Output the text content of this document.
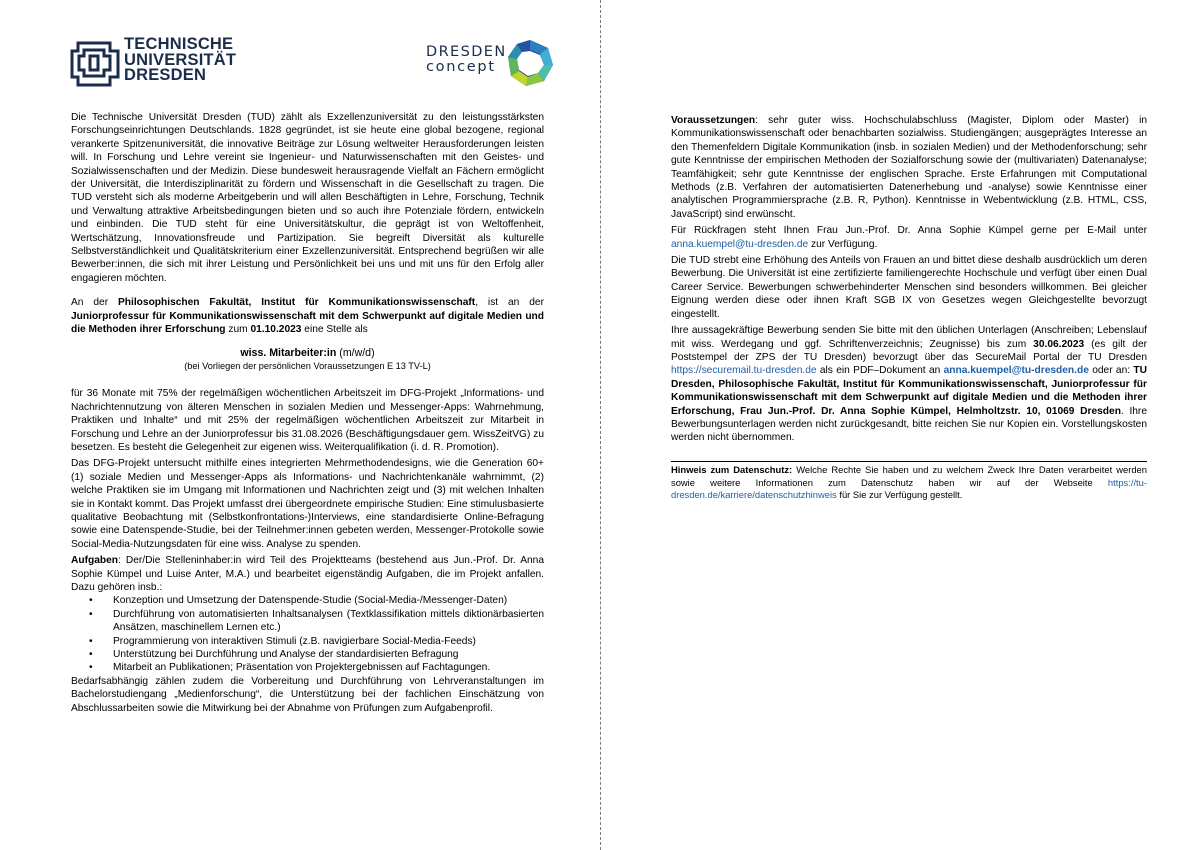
TECHNISCHE
UNIVERSITÄT
DRESDEN
DRESDEN
concept

Die Technische Universität Dresden (TUD) zählt als Exzellenzuniversität zu den leistungsstärksten Forschungseinrichtungen Deutschlands. 1828 gegründet, ist sie heute eine global bezogene, regional verankerte Spitzenuniversität, die innovative Beiträge zur Lösung weltweiter Herausforderungen leisten will. In Forschung und Lehre vereint sie Ingenieur- und Naturwissenschaften mit den Geistes- und Sozialwissenschaften und der Medizin. Diese bundesweit herausragende Vielfalt an Fächern ermöglicht der Universität, die Interdisziplinarität zu fördern und Wissenschaft in die Gesellschaft zu tragen. Die TUD versteht sich als moderne Arbeitgeberin und will allen Beschäftigten in Lehre, Forschung, Technik und Verwaltung attraktive Arbeitsbedingungen bieten und so auch ihre Potenziale fördern, entwickeln und einbinden. Die TUD steht für eine Universitätskultur, die geprägt ist von Weltoffenheit, Wertschätzung, Innovationsfreude und Partizipation. Sie begreift Diversität als kulturelle Selbstverständlichkeit und Qualitätskriterium einer Exzellenzuniversität. Entsprechend begrüßen wir alle Bewerber:innen, die sich mit ihrer Leistung und Persönlichkeit bei uns und mit uns für den Erfolg aller engagieren möchten.

An der Philosophischen Fakultät, Institut für Kommunikationswissenschaft, ist an der Juniorprofessur für Kommunikationswissenschaft mit dem Schwerpunkt auf digitale Medien und die Methoden ihrer Erforschung zum 01.10.2023 eine Stelle als

wiss. Mitarbeiter:in (m/w/d)
(bei Vorliegen der persönlichen Voraussetzungen E 13 TV-L)

für 36 Monate mit 75% der regelmäßigen wöchentlichen Arbeitszeit im DFG-Projekt „Informations- und Nachrichtennutzung von älteren Menschen in sozialen Medien und Messenger-Apps: Wahrnehmung, Praktiken und Inhalte“ und mit 25% der regelmäßigen wöchentlichen Arbeitszeit zur Mitarbeit in Forschung und Lehre an der Juniorprofessur bis 31.08.2026 (Beschäftigungsdauer gem. WissZeitVG) zu besetzen. Es besteht die Gelegenheit zur eigenen wiss. Weiterqualifikation (i. d. R. Promotion).

Das DFG-Projekt untersucht mithilfe eines integrierten Mehrmethodendesigns, wie die Generation 60+ (1) soziale Medien und Messenger-Apps als Informations- und Nachrichtenkanäle wahrnimmt, (2) welche Praktiken sie im Umgang mit Informationen und Nachrichten zeigt und (3) mit welchen Inhalten sie in Kontakt kommt. Das Projekt umfasst drei übergeordnete empirische Studien: Eine stimulusbasierte qualitative Beobachtung mit (Selbstkonfrontations-)Interviews, eine standardisierte Online-Befragung sowie eine Datenspende-Studie, bei der Teilnehmer:innen gebeten werden, Messenger-Protokolle sowie Social-Media-Nutzungsdaten für eine wiss. Analyse zu spenden.

Aufgaben: Der/Die Stelleninhaber:in wird Teil des Projektteams (bestehend aus Jun.-Prof. Dr. Anna Sophie Kümpel und Luise Anter, M.A.) und bearbeitet eigenständig Aufgaben, die im Projekt anfallen. Dazu gehören insb.:

• Konzeption und Umsetzung der Datenspende-Studie (Social-Media-/Messenger-Daten)
• Durchführung von automatisierten Inhaltsanalysen (Textklassifikation mittels diktionärbasierten Ansätzen, maschinellem Lernen etc.)
• Programmierung von interaktiven Stimuli (z.B. navigierbare Social-Media-Feeds)
• Unterstützung bei Durchführung und Analyse der standardisierten Befragung
• Mitarbeit an Publikationen; Präsentation von Projektergebnissen auf Fachtagungen.

Bedarfsabhängig zählen zudem die Vorbereitung und Durchführung von Lehrveranstaltungen im Bachelorstudiengang „Medienforschung“, die Unterstützung bei der fachlichen Einschätzung von Abschlussarbeiten sowie die Mitwirkung bei der Abnahme von Prüfungen zum Aufgabenprofil.

Voraussetzungen: sehr guter wiss. Hochschulabschluss (Magister, Diplom oder Master) in Kommunikationswissenschaft oder benachbarten sozialwiss. Studiengängen; ausgeprägtes Interesse an den Themenfeldern Digitale Kommunikation (insb. in sozialen Medien) und der Methodenforschung; sehr gute Kenntnisse der empirischen Methoden der Sozialforschung sowie der (multivariaten) Datenanalyse; Teamfähigkeit; sehr gute Kenntnisse der englischen Sprache. Erste Erfahrungen mit Computational Methods (z.B. Verfahren der automatisierten Datenerhebung und -analyse) sowie Kenntnisse einer analytischen Programmiersprache (z.B. R, Python). Kenntnisse in Webentwicklung (z.B. HTML, CSS, JavaScript) sind erwünscht.

Für Rückfragen steht Ihnen Frau Jun.-Prof. Dr. Anna Sophie Kümpel gerne per E-Mail unter anna.kuempel@tu-dresden.de zur Verfügung.

Die TUD strebt eine Erhöhung des Anteils von Frauen an und bittet diese deshalb ausdrücklich um deren Bewerbung. Die Universität ist eine zertifizierte familiengerechte Hochschule und verfügt über einen Dual Career Service. Bewerbungen schwerbehinderter Menschen sind besonders willkommen. Bei gleicher Eignung werden diese oder ihnen Kraft SGB IX von Gesetzes wegen Gleichgestellte bevorzugt eingestellt.

Ihre aussagekräftige Bewerbung senden Sie bitte mit den üblichen Unterlagen (Anschreiben; Lebenslauf mit wiss. Werdegang und ggf. Schriftenverzeichnis; Zeugnisse) bis zum 30.06.2023 (es gilt der Poststempel der ZPS der TU Dresden) bevorzugt über das SecureMail Portal der TU Dresden https://securemail.tu-dresden.de als ein PDF–Dokument an anna.kuempel@tu-dresden.de oder an: TU Dresden, Philosophische Fakultät, Institut für Kommunikationswissenschaft, Juniorprofessur für Kommunikationswissenschaft mit dem Schwerpunkt auf digitale Medien und die Methoden ihrer Erforschung, Frau Jun.-Prof. Dr. Anna Sophie Kümpel, Helmholtzstr. 10, 01069 Dresden. Ihre Bewerbungsunterlagen werden nicht zurückgesandt, bitte reichen Sie nur Kopien ein. Vorstellungskosten werden nicht übernommen.

Hinweis zum Datenschutz: Welche Rechte Sie haben und zu welchem Zweck Ihre Daten verarbeitet werden sowie weitere Informationen zum Datenschutz haben wir auf der Webseite https://tu-dresden.de/karriere/datenschutzhinweis für Sie zur Verfügung gestellt.
